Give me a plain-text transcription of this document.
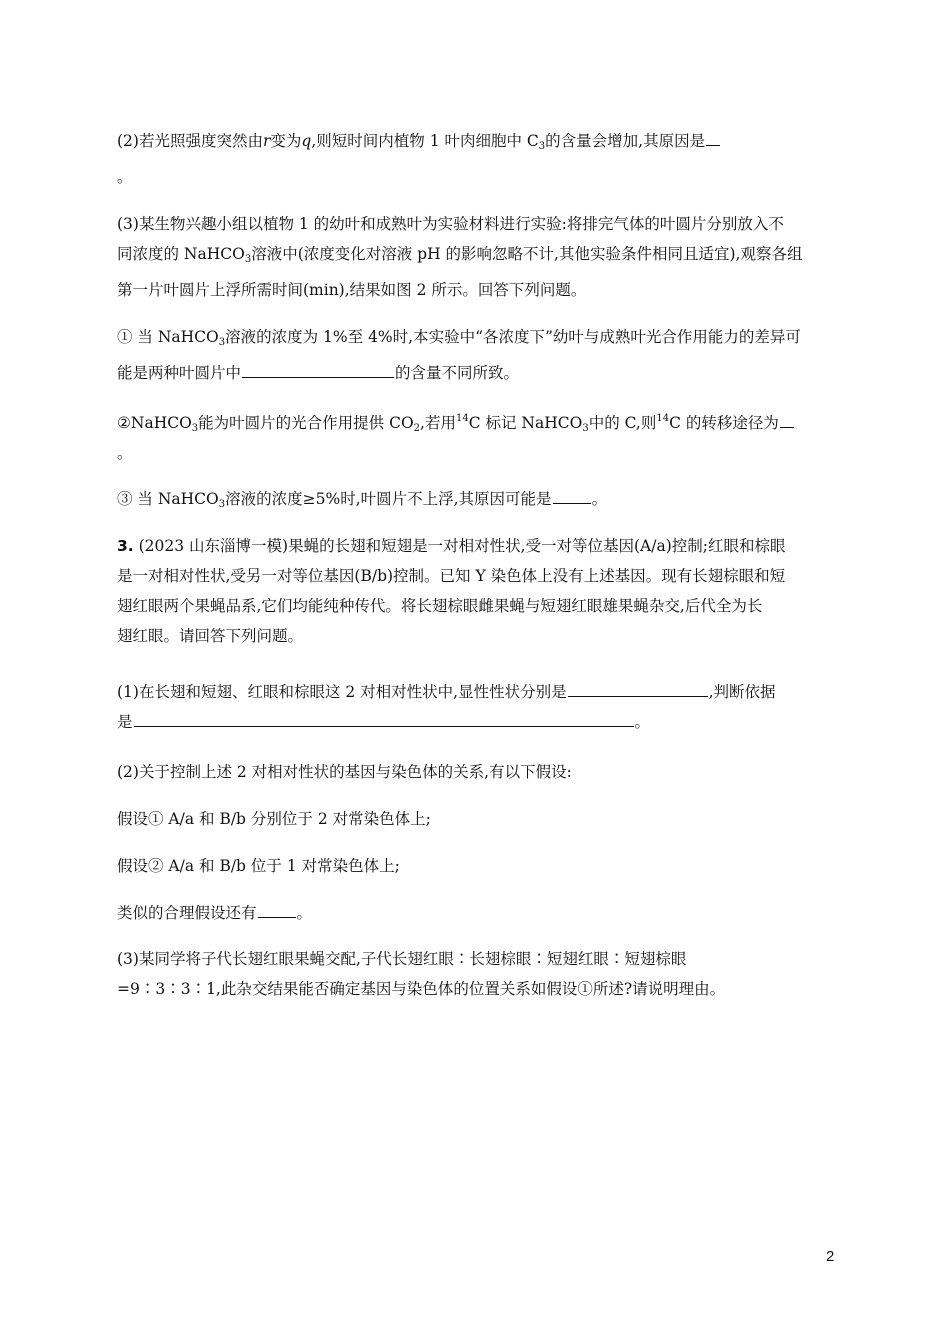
(2)若光照强度突然由r变为q,则短时间内植物 1 叶肉细胞中 $C_3$的含量会增加,其原因是
。
(3)某生物兴趣小组以植物 1 的幼叶和成熟叶为实验材料进行实验:将排完气体的叶圆片分别放入不
同浓度的 NaHCO$_3$溶液中(浓度变化对溶液 pH 的影响忽略不计,其他实验条件相同且适宜),观察各组
第一片叶圆片上浮所需时间(min),结果如图 2 所示。回答下列问题。
① 当 NaHCO$_3$溶液的浓度为 1%至 4%时,本实验中“各浓度下”幼叶与成熟叶光合作用能力的差异可
能是两种叶圆片中	的含量不同所致。
②NaHCO$_3$能为叶圆片的光合作用提供 $CO_2$,若用$^{14}$C 标记 NaHCO$_3$中的 C,则$^{14}$C 的转移途径为
。
③ 当 NaHCO$_3$溶液的浓度≥5%时,叶圆片不上浮,其原因可能是	。
3. (2023 山东淄博一模)果蝇的长翅和短翅是一对相对性状,受一对等位基因(A/a)控制;红眼和棕眼
是一对相对性状,受另一对等位基因(B/b)控制。已知 Y 染色体上没有上述基因。现有长翅棕眼和短
翅红眼两个果蝇品系,它们均能纯种传代。将长翅棕眼雌果蝇与短翅红眼雄果蝇杂交,后代全为长
翅红眼。请回答下列问题。
(1)在长翅和短翅、红眼和棕眼这 2 对相对性状中,显性性状分别是	,判断依据
是	。
(2)关于控制上述 2 对相对性状的基因与染色体的关系,有以下假设:
假设① A/a 和 B/b 分别位于 2 对常染色体上;
假设② A/a 和 B/b 位于 1 对常染色体上;
类似的合理假设还有	。
(3)某同学将子代长翅红眼果蝇交配,子代长翅红眼∶长翅棕眼∶短翅红眼∶短翅棕眼
=9∶3∶3∶1,此杂交结果能否确定基因与染色体的位置关系如假设①所述?请说明理由。
2
